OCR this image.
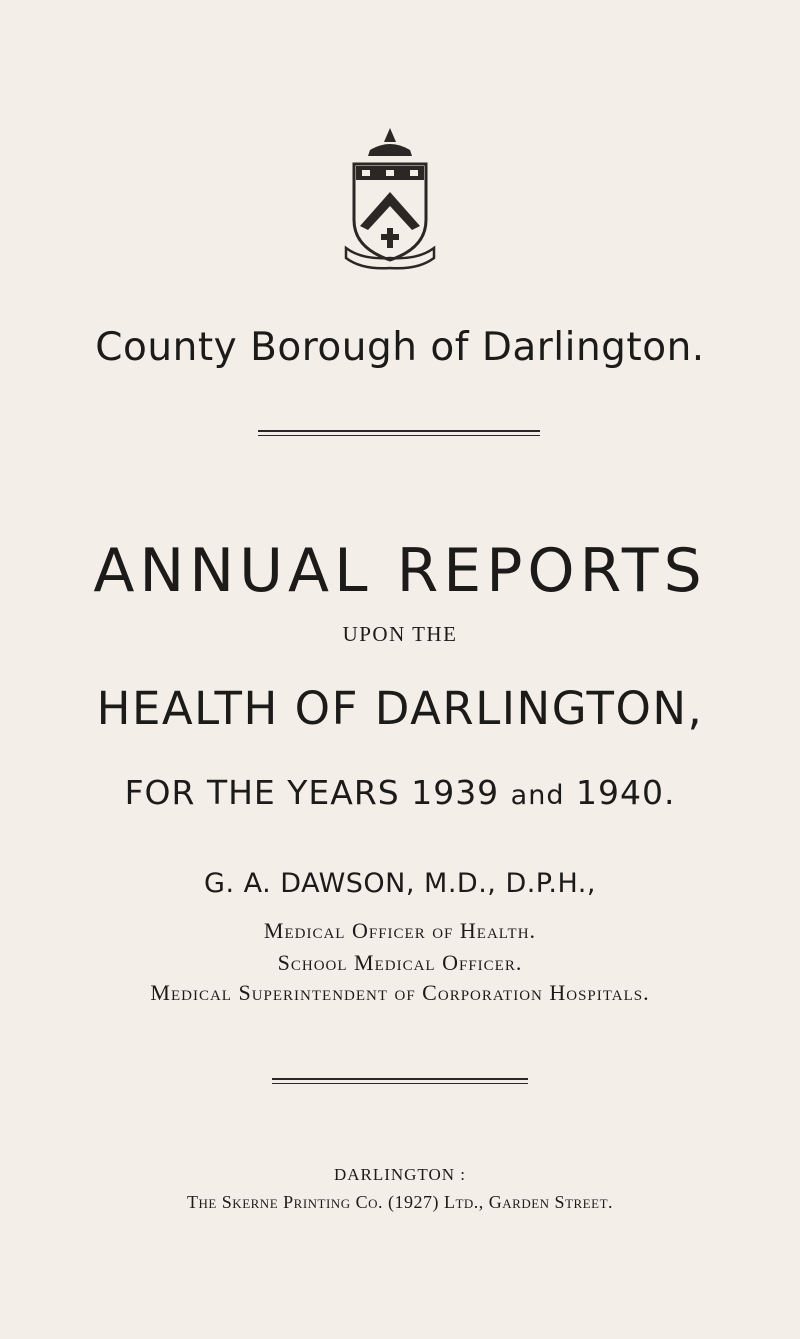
County Borough of Darlington.
ANNUAL REPORTS
UPON THE
HEALTH OF DARLINGTON,
FOR THE YEARS 1939 and 1940.
G. A. DAWSON, M.D., D.P.H.,
Medical Officer of Health.
School Medical Officer.
Medical Superintendent of Corporation Hospitals.
DARLINGTON :
The Skerne Printing Co. (1927) Ltd., Garden Street.
